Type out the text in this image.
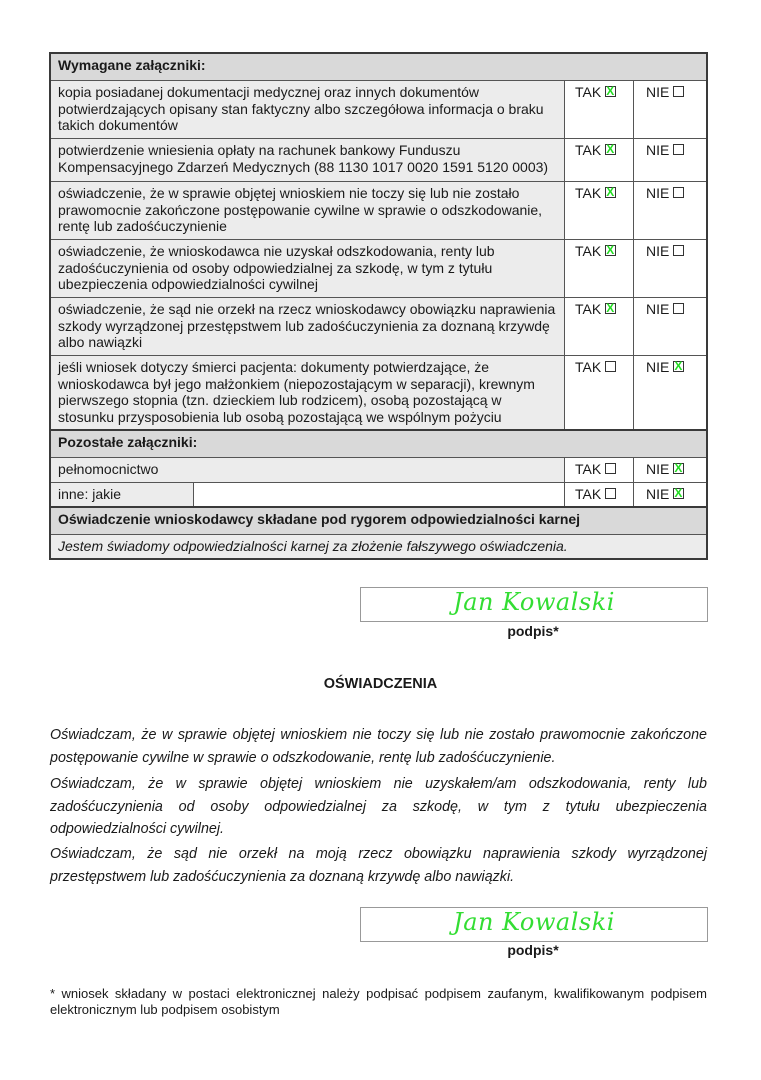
Wymagane załączniki:			
kopia posiadanej dokumentacji medycznej oraz innych dokumentów potwierdzających opisany stan faktyczny albo szczegółowa informacja o braku takich dokumentów		TAKX	NIE
potwierdzenie wniesienia opłaty na rachunek bankowy Funduszu Kompensacyjnego Zdarzeń Medycznych (88 1130 1017 0020 1591 5120 0003)		TAKX	NIE
oświadczenie, że w sprawie objętej wnioskiem nie toczy się lub nie zostało prawomocnie zakończone postępowanie cywilne w sprawie o odszkodowanie, rentę lub zadośćuczynienie		TAKX	NIE
oświadczenie, że wnioskodawca nie uzyskał odszkodowania, renty lub zadośćuczynienia od osoby odpowiedzialnej za szkodę, w tym z tytułu ubezpieczenia odpowiedzialności cywilnej		TAKX	NIE
oświadczenie, że sąd nie orzekł na rzecz wnioskodawcy obowiązku naprawienia szkody wyrządzonej przestępstwem lub zadośćuczynienia za doznaną krzywdę albo nawiązki		TAKX	NIE
jeśli wniosek dotyczy śmierci pacjenta: dokumenty potwierdzające, że wnioskodawca był jego małżonkiem (niepozostającym w separacji), krewnym pierwszego stopnia (tzn. dzieckiem lub rodzicem), osobą pozostającą w stosunku przysposobienia lub osobą pozostającą we wspólnym pożyciu		TAK	NIEX
Pozostałe załączniki:			
pełnomocnictwo		TAK	NIEX
inne: jakie		TAK	NIEX
Oświadczenie wnioskodawcy składane pod rygorem odpowiedzialności karnej			
Jestem świadomy odpowiedzialności karnej za złożenie fałszywego oświadczenia.			
Jan Kowalski
podpis*
OŚWIADCZENIA
Oświadczam, że w sprawie objętej wnioskiem nie toczy się lub nie zostało prawomocnie zakończone postępowanie cywilne w sprawie o odszkodowanie, rentę lub zadośćuczynienie.
Oświadczam, że w sprawie objętej wnioskiem nie uzyskałem/am odszkodowania, renty lub zadośćuczynienia od osoby odpowiedzialnej za szkodę, w tym z tytułu ubezpieczenia odpowiedzialności cywilnej.
Oświadczam, że sąd nie orzekł na moją rzecz obowiązku naprawienia szkody wyrządzonej przestępstwem lub zadośćuczynienia za doznaną krzywdę albo nawiązki.
Jan Kowalski
podpis*
* wniosek składany w postaci elektronicznej należy podpisać podpisem zaufanym, kwalifikowanym podpisem elektronicznym lub podpisem osobistym
